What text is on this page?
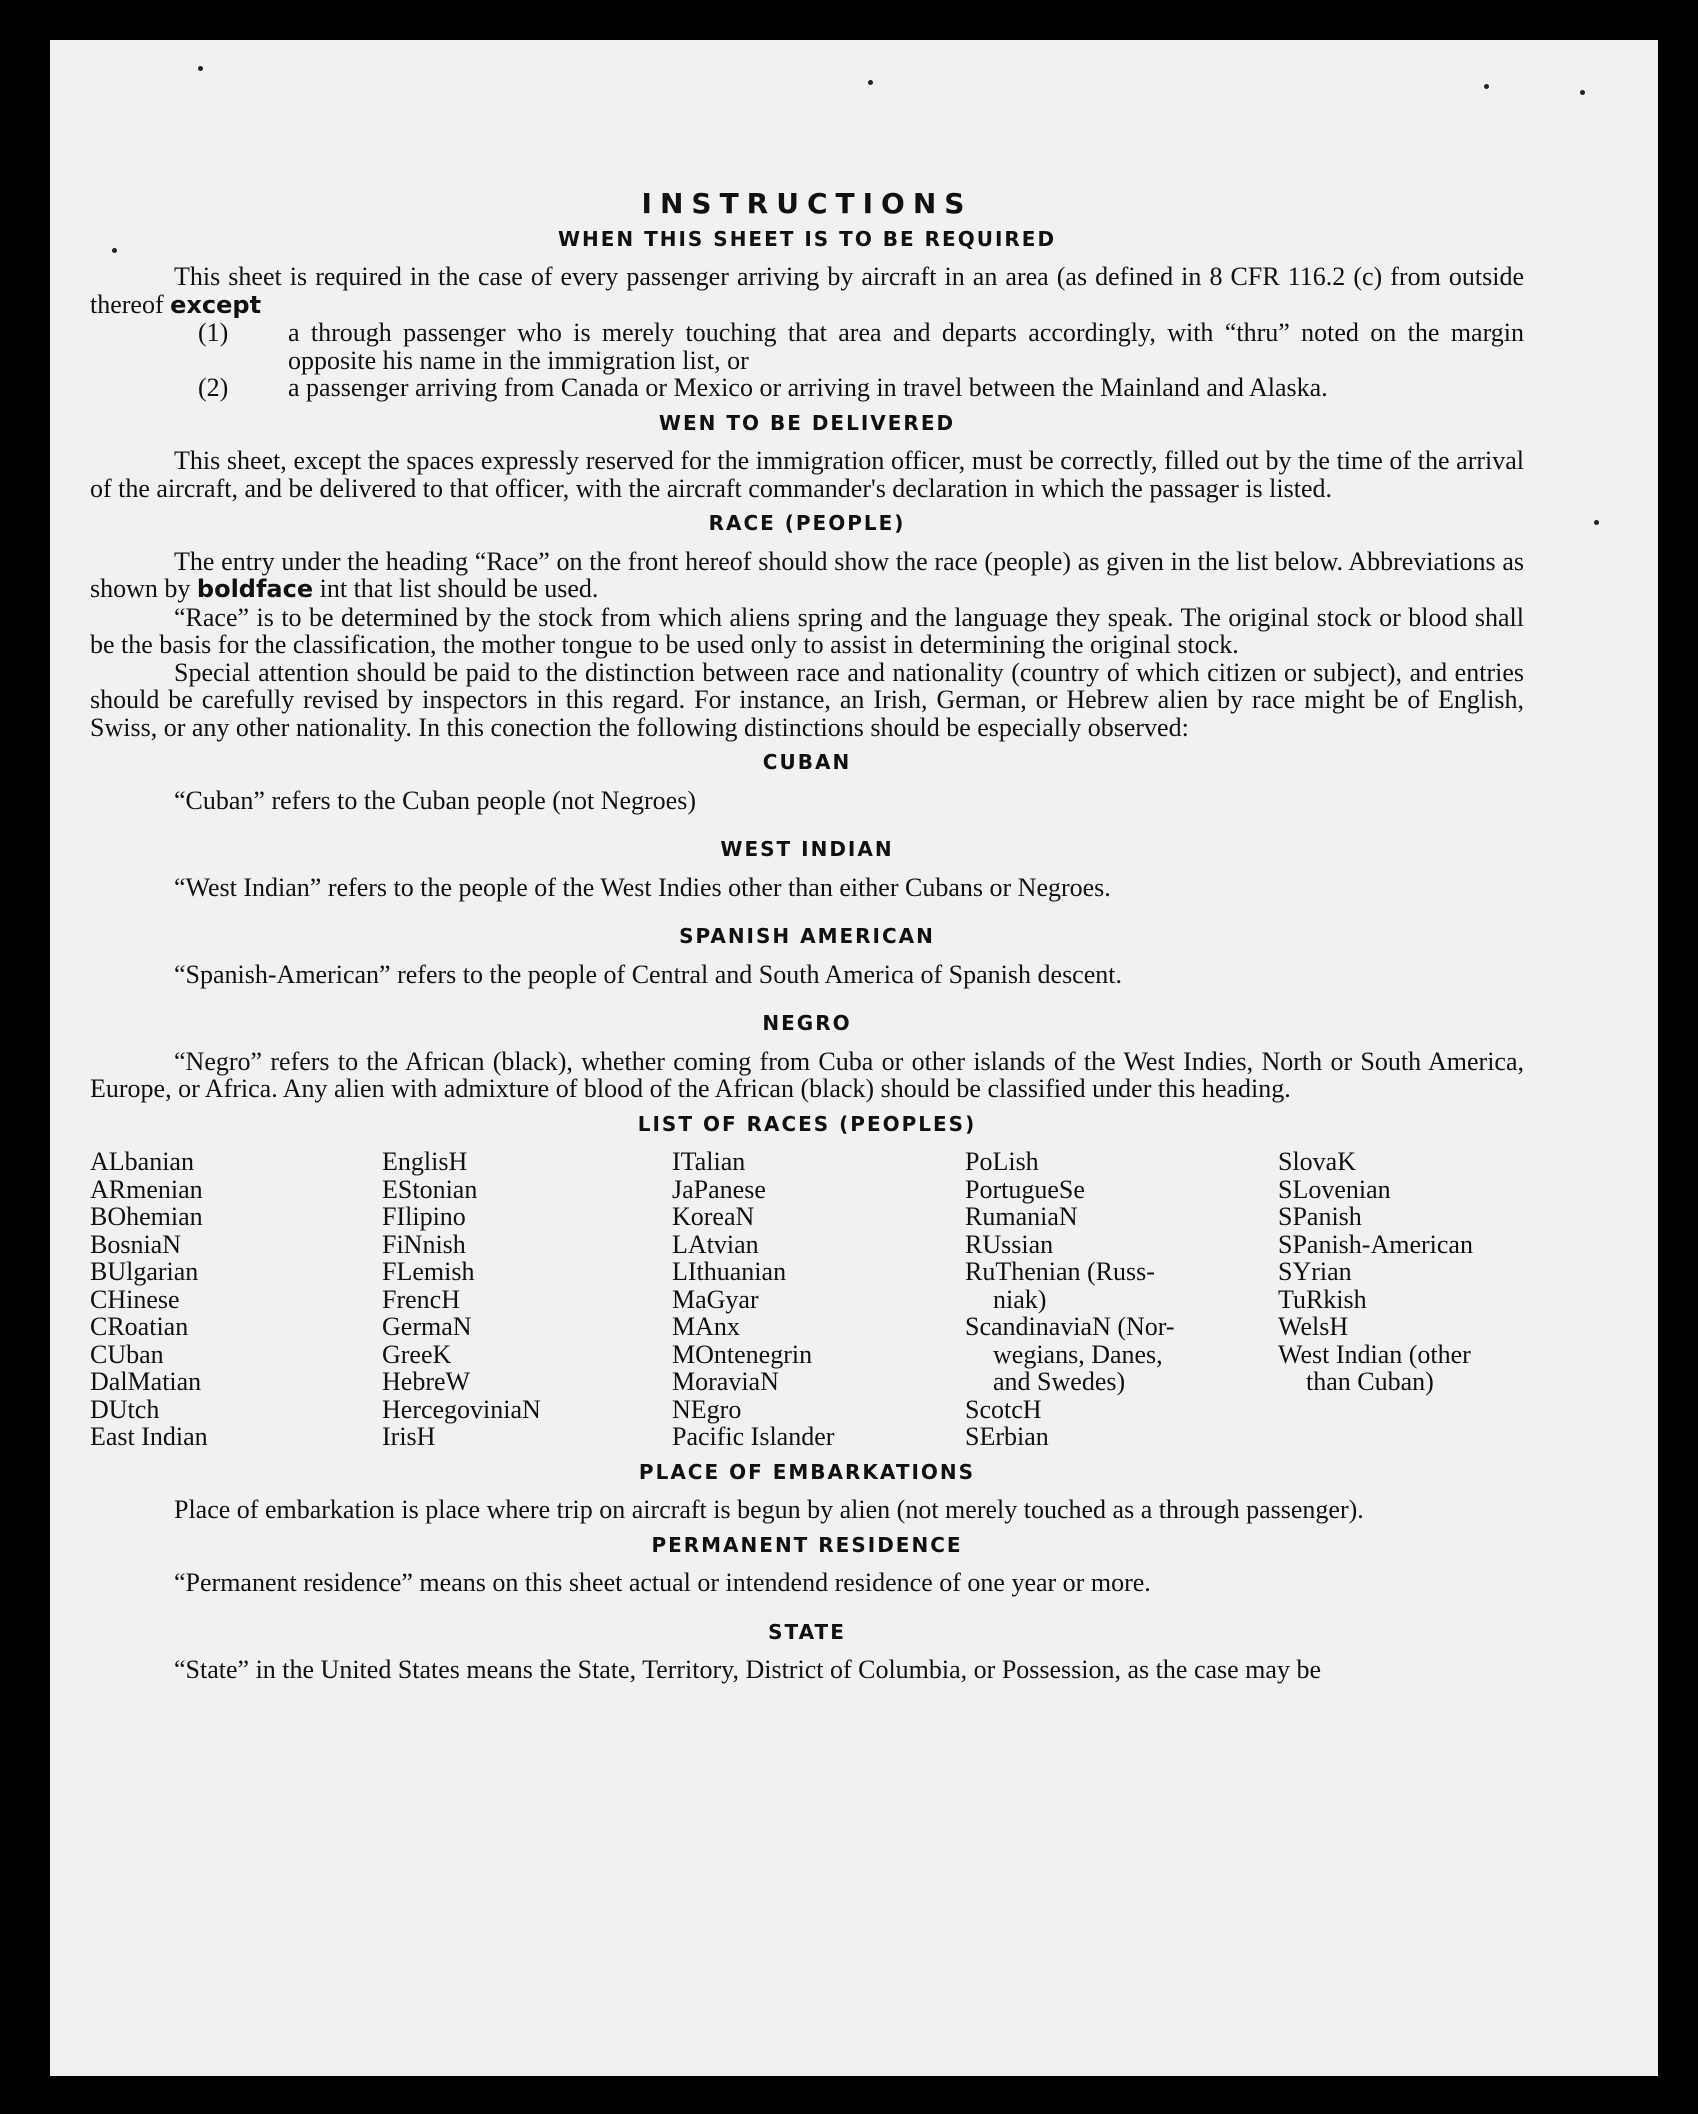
INSTRUCTIONS
WHEN THIS SHEET IS TO BE REQUIRED

This sheet is required in the case of every passenger arriving by aircraft in an area (as defined in 8 CFR 116.2 (c) from outside thereof except

(1) a through passenger who is merely touching that area and departs accordingly, with “thru” noted on the margin opposite his name in the immigration list, or
(2) a passenger arriving from Canada or Mexico or arriving in travel between the Mainland and Alaska.
WEN TO BE DELIVERED

This sheet, except the spaces expressly reserved for the immigration officer, must be correctly, filled out by the time of the arrival of the aircraft, and be delivered to that officer, with the aircraft commander's declaration in which the passager is listed.

RACE (PEOPLE)

The entry under the heading “Race” on the front hereof should show the race (people) as given in the list below. Abbreviations as shown by boldface int that list should be used.

“Race” is to be determined by the stock from which aliens spring and the language they speak. The original stock or blood shall be the basis for the classification, the mother tongue to be used only to assist in determining the original stock.

Special attention should be paid to the distinction between race and nationality (country of which citizen or subject), and entries should be carefully revised by inspectors in this regard. For instance, an Irish, German, or Hebrew alien by race might be of English, Swiss, or any other nationality. In this conection the following distinctions should be especially observed:

CUBAN

“Cuban” refers to the Cuban people (not Negroes)

WEST INDIAN

“West Indian” refers to the people of the West Indies other than either Cubans or Negroes.

SPANISH AMERICAN

“Spanish-American” refers to the people of Central and South America of Spanish descent.

NEGRO

“Negro” refers to the African (black), whether coming from Cuba or other islands of the West Indies, North or South America, Europe, or Africa. Any alien with admixture of blood of the African (black) should be classified under this heading.

LIST OF RACES (PEOPLES)
ALbanian
ARmenian
BOhemian
BosniaN
BUlgarian
CHinese
CRoatian
CUban
DalMatian
DUtch
East Indian
EnglisH
EStonian
FIlipino
FiNnish
FLemish
FrencH
GermaN
GreeK
HebreW
HercegoviniaN
IrisH
ITalian
JaPanese
KoreaN
LAtvian
LIthuanian
MaGyar
MAnx
MOntenegrin
MoraviaN
NEgro
Pacific Islander
PoLish
PortugueSe
RumaniaN
RUssian
RuThenian (Russ-
niak)
ScandinaviaN (Nor-
wegians, Danes,
and Swedes)
ScotcH
SErbian
SlovaK
SLovenian
SPanish
SPanish-American
SYrian
TuRkish
WelsH
West Indian (other
than Cuban)
PLACE OF EMBARKATIONS

Place of embarkation is place where trip on aircraft is begun by alien (not merely touched as a through passenger).

PERMANENT RESIDENCE

“Permanent residence” means on this sheet actual or intendend residence of one year or more.

STATE

“State” in the United States means the State, Territory, District of Columbia, or Possession, as the case may be
